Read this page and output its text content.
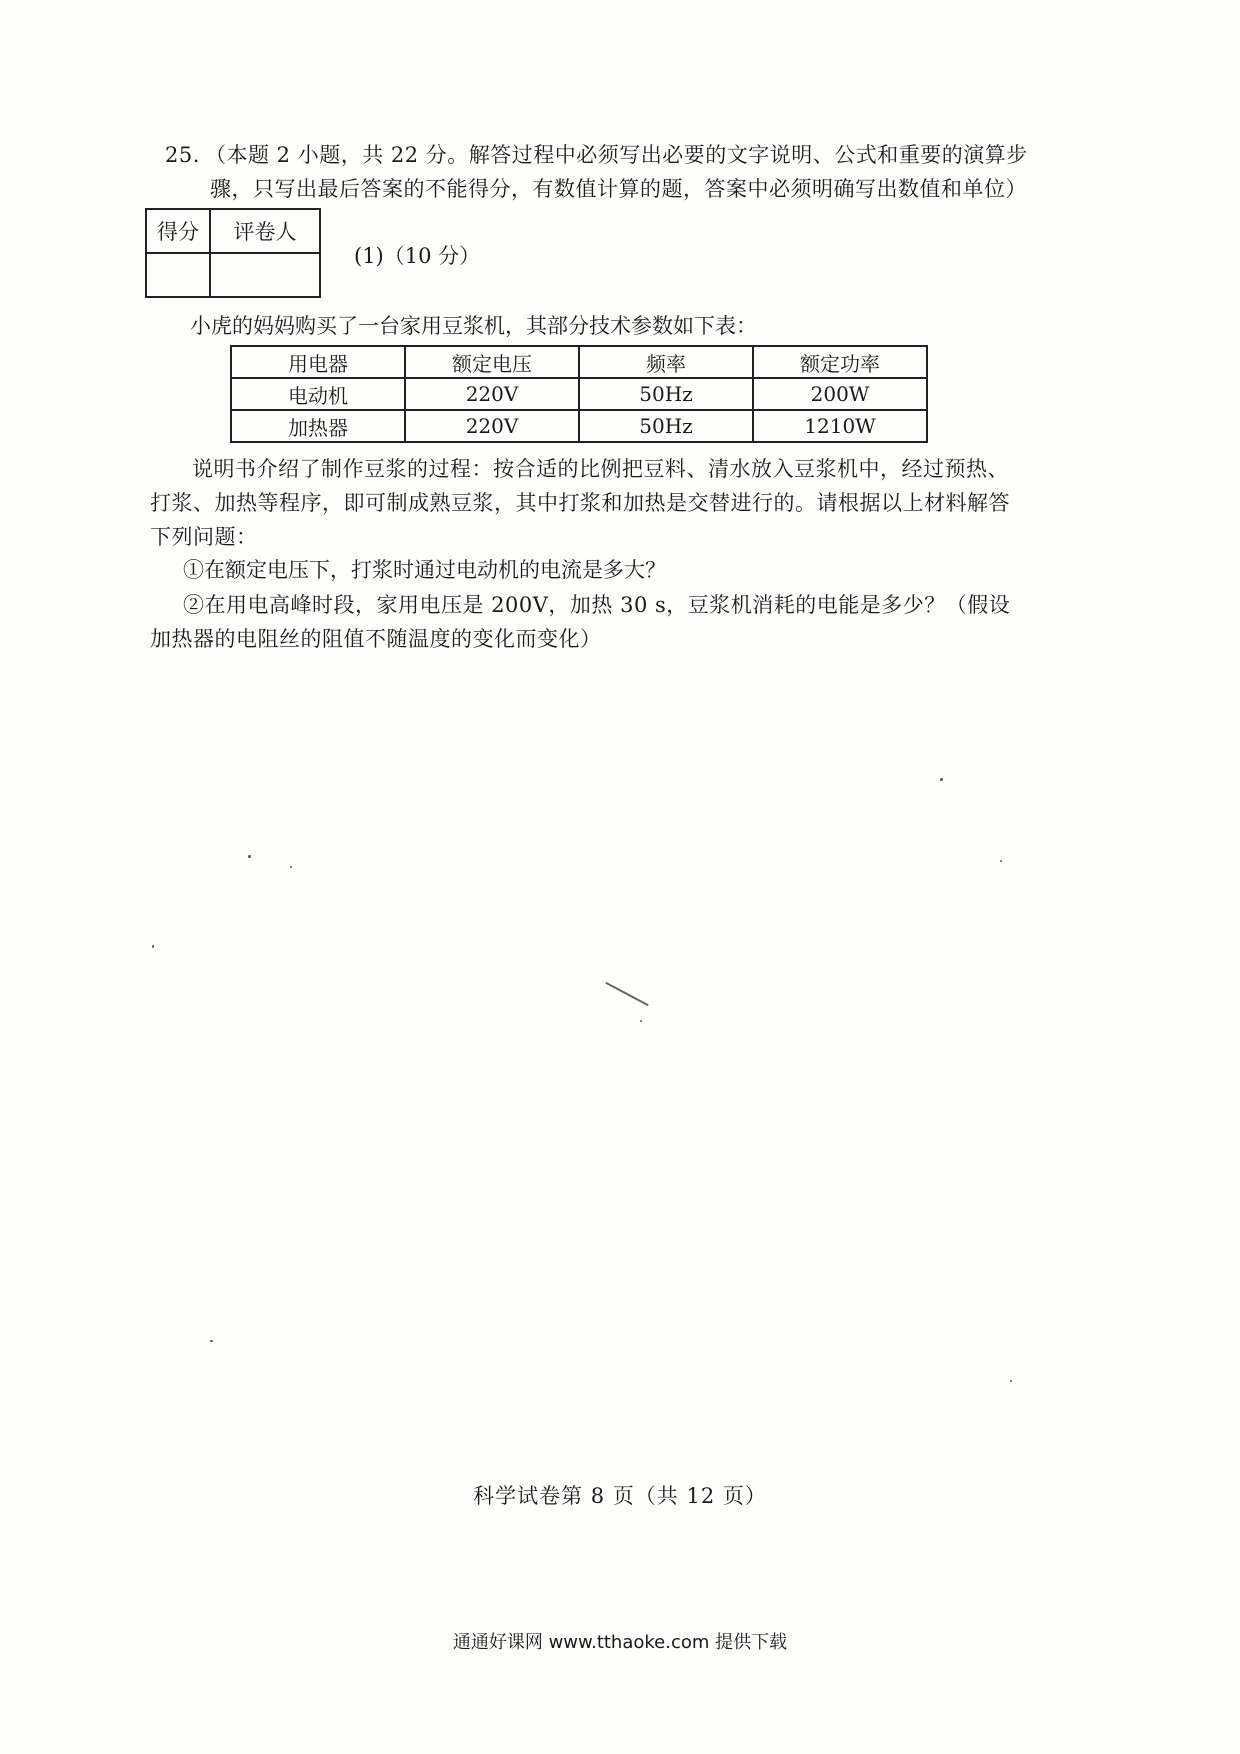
25. （本题 2 小题，共 22 分。解答过程中必须写出必要的文字说明、公式和重要的演算步
骤，只写出最后答案的不能得分，有数值计算的题，答案中必须明确写出数值和单位）
得分	评卷人

(1)（10 分）
小虎的妈妈购买了一台家用豆浆机，其部分技术参数如下表：
用电器	额定电压	频率	额定功率
电动机	220V	50Hz	200W
加热器	220V	50Hz	1210W
说明书介绍了制作豆浆的过程：按合适的比例把豆料、清水放入豆浆机中，经过预热、打浆、加热等程序，即可制成熟豆浆，其中打浆和加热是交替进行的。请根据以上材料解答下列问题：
①在额定电压下，打浆时通过电动机的电流是多大？
②在用电高峰时段，家用电压是 200V，加热 30 s，豆浆机消耗的电能是多少？（假设加热器的电阻丝的阻值不随温度的变化而变化）
科学试卷第 8 页（共 12 页）
通通好课网 www.tthaoke.com 提供下载
